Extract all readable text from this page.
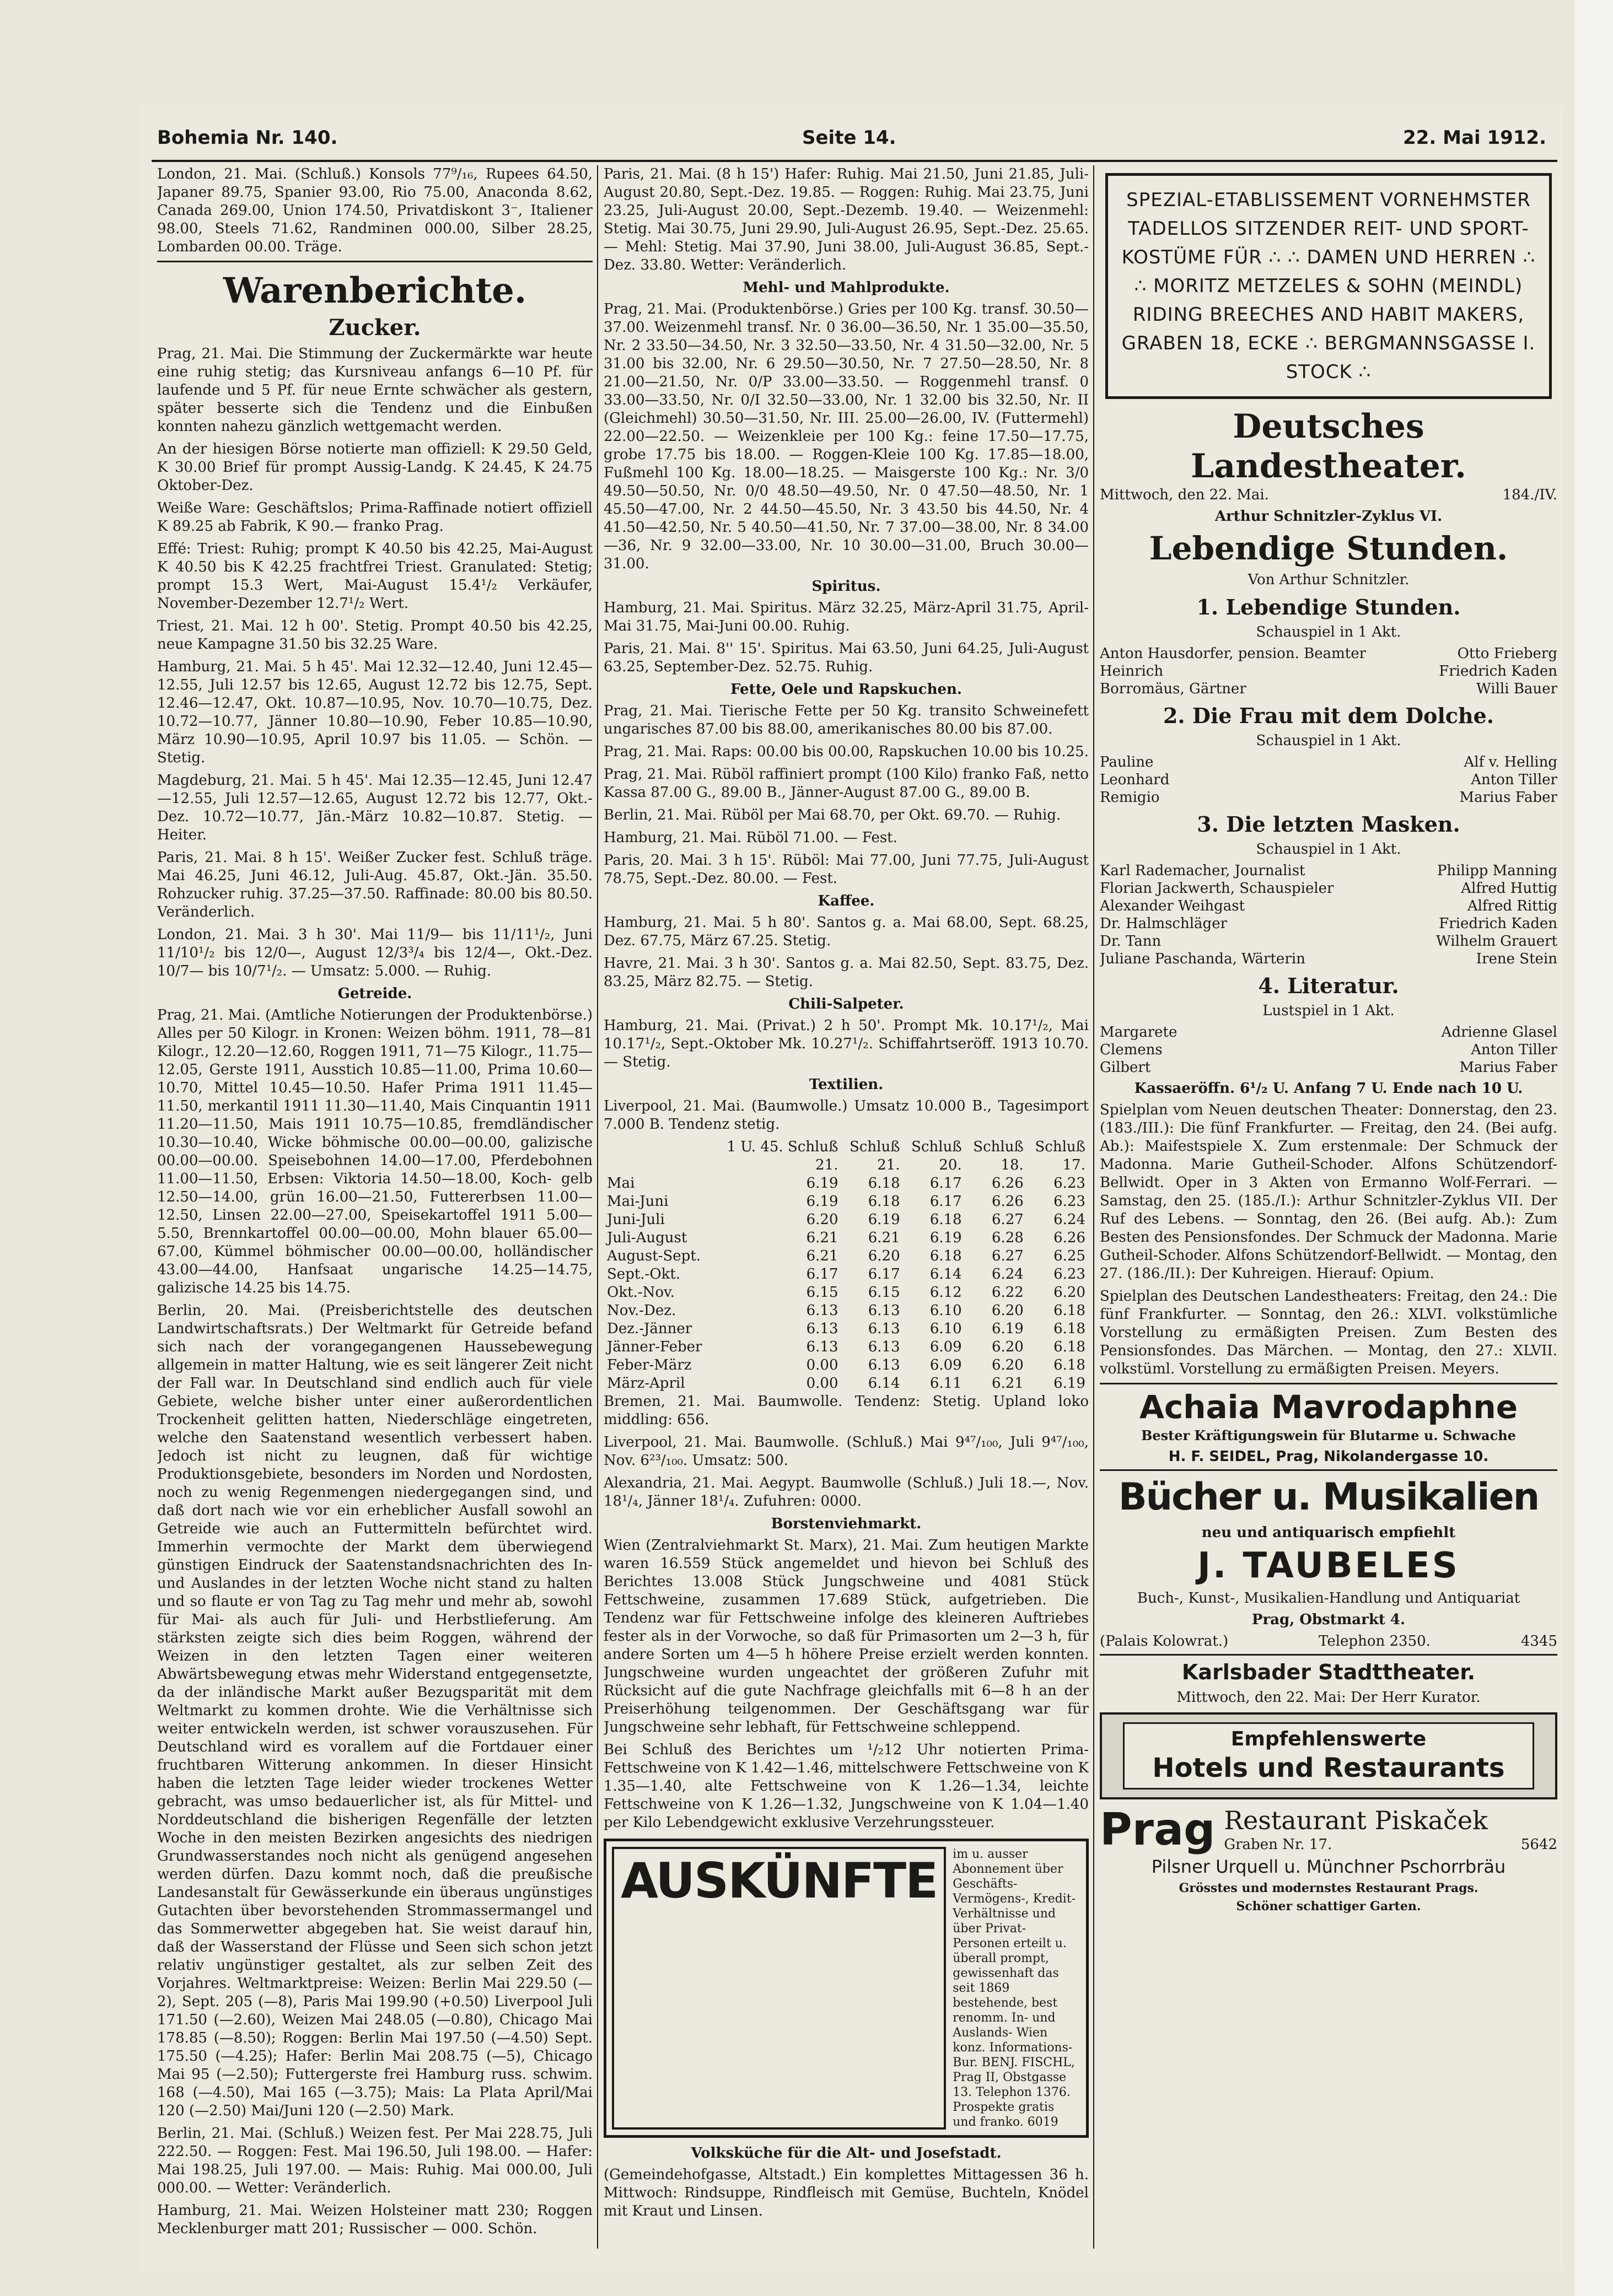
Bohemia Nr. 140.	Seite 14.	22. Mai 1912.

London, 21. Mai. (Schluß.) Konsols 77⁹/₁₆, Rupees 64.50, Japaner 89.75, Spanier 93.00, Rio 75.00, Anaconda 8.62, Canada 269.00, Union 174.50, Privatdiskont 3⁻, Italiener 98.00, Steels 71.62, Randminen 000.00, Silber 28.25, Lombarden 00.00. Träge.

Warenberichte.
Zucker.

Prag, 21. Mai. Die Stimmung der Zuckermärkte war heute eine ruhig stetig; das Kursniveau anfangs 6—10 Pf. für laufende und 5 Pf. für neue Ernte schwächer als gestern, später besserte sich die Tendenz und die Einbußen konnten nahezu gänzlich wettgemacht werden.

An der hiesigen Börse notierte man offiziell: K 29.50 Geld, K 30.00 Brief für prompt Aussig-Landg. K 24.45, K 24.75 Oktober-Dez.

Weiße Ware: Geschäftslos; Prima-Raffinade notiert offiziell K 89.25 ab Fabrik, K 90.— franko Prag.

Effé: Triest: Ruhig; prompt K 40.50 bis 42.25, Mai-August K 40.50 bis K 42.25 frachtfrei Triest. Granulated: Stetig; prompt 15.3 Wert, Mai-August 15.4¹/₂ Verkäufer, November-Dezember 12.7¹/₂ Wert.

Triest, 21. Mai. 12 h 00'. Stetig. Prompt 40.50 bis 42.25, neue Kampagne 31.50 bis 32.25 Ware.

Hamburg, 21. Mai. 5 h 45'. Mai 12.32—12.40, Juni 12.45—12.55, Juli 12.57 bis 12.65, August 12.72 bis 12.75, Sept. 12.46—12.47, Okt. 10.87—10.95, Nov. 10.70—10.75, Dez. 10.72—10.77, Jänner 10.80—10.90, Feber 10.85—10.90, März 10.90—10.95, April 10.97 bis 11.05. — Schön. — Stetig.

Magdeburg, 21. Mai. 5 h 45'. Mai 12.35—12.45, Juni 12.47—12.55, Juli 12.57—12.65, August 12.72 bis 12.77, Okt.-Dez. 10.72—10.77, Jän.-März 10.82—10.87. Stetig. — Heiter.

Paris, 21. Mai. 8 h 15'. Weißer Zucker fest. Schluß träge. Mai 46.25, Juni 46.12, Juli-Aug. 45.87, Okt.-Jän. 35.50. Rohzucker ruhig. 37.25—37.50. Raffinade: 80.00 bis 80.50. Veränderlich.

London, 21. Mai. 3 h 30'. Mai 11/9— bis 11/11¹/₂, Juni 11/10¹/₂ bis 12/0—, August 12/3³/₄ bis 12/4—, Okt.-Dez. 10/7— bis 10/7¹/₂. — Umsatz: 5.000. — Ruhig.

Getreide.

Prag, 21. Mai. (Amtliche Notierungen der Produktenbörse.) Alles per 50 Kilogr. in Kronen: Weizen böhm. 1911, 78—81 Kilogr., 12.20—12.60, Roggen 1911, 71—75 Kilogr., 11.75—12.05, Gerste 1911, Ausstich 10.85—11.00, Prima 10.60—10.70, Mittel 10.45—10.50. Hafer Prima 1911 11.45—11.50, merkantil 1911 11.30—11.40, Mais Cinquantin 1911 11.20—11.50, Mais 1911 10.75—10.85, fremdländischer 10.30—10.40, Wicke böhmische 00.00—00.00, galizische 00.00—00.00. Speisebohnen 14.00—17.00, Pferdebohnen 11.00—11.50, Erbsen: Viktoria 14.50—18.00, Koch- gelb 12.50—14.00, grün 16.00—21.50, Futtererbsen 11.00—12.50, Linsen 22.00—27.00, Speisekartoffel 1911 5.00—5.50, Brennkartoffel 00.00—00.00, Mohn blauer 65.00—67.00, Kümmel böhmischer 00.00—00.00, holländischer 43.00—44.00, Hanfsaat ungarische 14.25—14.75, galizische 14.25 bis 14.75.

Berlin, 20. Mai. (Preisberichtstelle des deutschen Landwirtschaftsrats.) Der Weltmarkt für Getreide befand sich nach der vorangegangenen Haussebewegung allgemein in matter Haltung, wie es seit längerer Zeit nicht der Fall war. In Deutschland sind endlich auch für viele Gebiete, welche bisher unter einer außerordentlichen Trockenheit gelitten hatten, Niederschläge eingetreten, welche den Saatenstand wesentlich verbessert haben. Jedoch ist nicht zu leugnen, daß für wichtige Produktionsgebiete, besonders im Norden und Nordosten, noch zu wenig Regenmengen niedergegangen sind, und daß dort nach wie vor ein erheblicher Ausfall sowohl an Getreide wie auch an Futtermitteln befürchtet wird. Immerhin vermochte der Markt dem überwiegend günstigen Eindruck der Saatenstandsnachrichten des In- und Auslandes in der letzten Woche nicht stand zu halten und so flaute er von Tag zu Tag mehr und mehr ab, sowohl für Mai- als auch für Juli- und Herbstlieferung. Am stärksten zeigte sich dies beim Roggen, während der Weizen in den letzten Tagen einer weiteren Abwärtsbewegung etwas mehr Widerstand entgegensetzte, da der inländische Markt außer Bezugsparität mit dem Weltmarkt zu kommen drohte. Wie die Verhältnisse sich weiter entwickeln werden, ist schwer vorauszusehen. Für Deutschland wird es vorallem auf die Fortdauer einer fruchtbaren Witterung ankommen. In dieser Hinsicht haben die letzten Tage leider wieder trockenes Wetter gebracht, was umso bedauerlicher ist, als für Mittel- und Norddeutschland die bisherigen Regenfälle der letzten Woche in den meisten Bezirken angesichts des niedrigen Grundwasserstandes noch nicht als genügend angesehen werden dürfen. Dazu kommt noch, daß die preußische Landesanstalt für Gewässerkunde ein überaus ungünstiges Gutachten über bevorstehenden Strommassermangel und das Sommerwetter abgegeben hat. Sie weist darauf hin, daß der Wasserstand der Flüsse und Seen sich schon jetzt relativ ungünstiger gestaltet, als zur selben Zeit des Vorjahres. Weltmarktpreise: Weizen: Berlin Mai 229.50 (—2), Sept. 205 (—8), Paris Mai 199.90 (+0.50) Liverpool Juli 171.50 (—2.60), Weizen Mai 248.05 (—0.80), Chicago Mai 178.85 (—8.50); Roggen: Berlin Mai 197.50 (—4.50) Sept. 175.50 (—4.25); Hafer: Berlin Mai 208.75 (—5), Chicago Mai 95 (—2.50); Futtergerste frei Hamburg russ. schwim. 168 (—4.50), Mai 165 (—3.75); Mais: La Plata April/Mai 120 (—2.50) Mai/Juni 120 (—2.50) Mark.

Berlin, 21. Mai. (Schluß.) Weizen fest. Per Mai 228.75, Juli 222.50. — Roggen: Fest. Mai 196.50, Juli 198.00. — Hafer: Mai 198.25, Juli 197.00. — Mais: Ruhig. Mai 000.00, Juli 000.00. — Wetter: Veränderlich.

Hamburg, 21. Mai. Weizen Holsteiner matt 230; Roggen Mecklenburger matt 201; Russischer — 000. Schön.

Paris, 21. Mai. (8 h 15') Hafer: Ruhig. Mai 21.50, Juni 21.85, Juli-August 20.80, Sept.-Dez. 19.85. — Roggen: Ruhig. Mai 23.75, Juni 23.25, Juli-August 20.00, Sept.-Dezemb. 19.40. — Weizenmehl: Stetig. Mai 30.75, Juni 29.90, Juli-August 26.95, Sept.-Dez. 25.65. — Mehl: Stetig. Mai 37.90, Juni 38.00, Juli-August 36.85, Sept.-Dez. 33.80. Wetter: Veränderlich.

Mehl- und Mahlprodukte.

Prag, 21. Mai. (Produktenbörse.) Gries per 100 Kg. transf. 30.50—37.00. Weizenmehl transf. Nr. 0 36.00—36.50, Nr. 1 35.00—35.50, Nr. 2 33.50—34.50, Nr. 3 32.50—33.50, Nr. 4 31.50—32.00, Nr. 5 31.00 bis 32.00, Nr. 6 29.50—30.50, Nr. 7 27.50—28.50, Nr. 8 21.00—21.50, Nr. 0/P 33.00—33.50. — Roggenmehl transf. 0 33.00—33.50, Nr. 0/I 32.50—33.00, Nr. 1 32.00 bis 32.50, Nr. II (Gleichmehl) 30.50—31.50, Nr. III. 25.00—26.00, IV. (Futtermehl) 22.00—22.50. — Weizenkleie per 100 Kg.: feine 17.50—17.75, grobe 17.75 bis 18.00. — Roggen-Kleie 100 Kg. 17.85—18.00, Fußmehl 100 Kg. 18.00—18.25. — Maisgerste 100 Kg.: Nr. 3/0 49.50—50.50, Nr. 0/0 48.50—49.50, Nr. 0 47.50—48.50, Nr. 1 45.50—47.00, Nr. 2 44.50—45.50, Nr. 3 43.50 bis 44.50, Nr. 4 41.50—42.50, Nr. 5 40.50—41.50, Nr. 7 37.00—38.00, Nr. 8 34.00—36, Nr. 9 32.00—33.00, Nr. 10 30.00—31.00, Bruch 30.00—31.00.

Spiritus.

Hamburg, 21. Mai. Spiritus. März 32.25, März-April 31.75, April-Mai 31.75, Mai-Juni 00.00. Ruhig.

Paris, 21. Mai. 8'' 15'. Spiritus. Mai 63.50, Juni 64.25, Juli-August 63.25, September-Dez. 52.75. Ruhig.

Fette, Oele und Rapskuchen.

Prag, 21. Mai. Tierische Fette per 50 Kg. transito Schweinefett ungarisches 87.00 bis 88.00, amerikanisches 80.00 bis 87.00.

Prag, 21. Mai. Raps: 00.00 bis 00.00, Rapskuchen 10.00 bis 10.25.

Prag, 21. Mai. Rüböl raffiniert prompt (100 Kilo) franko Faß, netto Kassa 87.00 G., 89.00 B., Jänner-August 87.00 G., 89.00 B.

Berlin, 21. Mai. Rüböl per Mai 68.70, per Okt. 69.70. — Ruhig.

Hamburg, 21. Mai. Rüböl 71.00. — Fest.

Paris, 20. Mai. 3 h 15'. Rüböl: Mai 77.00, Juni 77.75, Juli-August 78.75, Sept.-Dez. 80.00. — Fest.

Kaffee.

Hamburg, 21. Mai. 5 h 80'. Santos g. a. Mai 68.00, Sept. 68.25, Dez. 67.75, März 67.25. Stetig.

Havre, 21. Mai. 3 h 30'. Santos g. a. Mai 82.50, Sept. 83.75, Dez. 83.25, März 82.75. — Stetig.

Chili-Salpeter.

Hamburg, 21. Mai. (Privat.) 2 h 50'. Prompt Mk. 10.17¹/₂, Mai 10.17¹/₂, Sept.-Oktober Mk. 10.27¹/₂. Schiffahrtseröff. 1913 10.70. — Stetig.

Textilien.

Liverpool, 21. Mai. (Baumwolle.) Umsatz 10.000 B., Tagesimport 7.000 B. Tendenz stetig.

	1 U. 45. Schluß	Schluß	Schluß	Schluß	Schluß
	21.	21.	20.	18.	17.
Mai	6.19	6.18	6.17	6.26	6.23
Mai-Juni	6.19	6.18	6.17	6.26	6.23
Juni-Juli	6.20	6.19	6.18	6.27	6.24
Juli-August	6.21	6.21	6.19	6.28	6.26
August-Sept.	6.21	6.20	6.18	6.27	6.25
Sept.-Okt.	6.17	6.17	6.14	6.24	6.23
Okt.-Nov.	6.15	6.15	6.12	6.22	6.20
Nov.-Dez.	6.13	6.13	6.10	6.20	6.18
Dez.-Jänner	6.13	6.13	6.10	6.19	6.18
Jänner-Feber	6.13	6.13	6.09	6.20	6.18
Feber-März	0.00	6.13	6.09	6.20	6.18
März-April	0.00	6.14	6.11	6.21	6.19

Bremen, 21. Mai. Baumwolle. Tendenz: Stetig. Upland loko middling: 656.

Liverpool, 21. Mai. Baumwolle. (Schluß.) Mai 9⁴⁷/₁₀₀, Juli 9⁴⁷/₁₀₀, Nov. 6²³/₁₀₀. Umsatz: 500.

Alexandria, 21. Mai. Aegypt. Baumwolle (Schluß.) Juli 18.—, Nov. 18¹/₄, Jänner 18¹/₄. Zufuhren: 0000.

Borstenviehmarkt.

Wien (Zentralviehmarkt St. Marx), 21. Mai. Zum heutigen Markte waren 16.559 Stück angemeldet und hievon bei Schluß des Berichtes 13.008 Stück Jungschweine und 4081 Stück Fettschweine, zusammen 17.689 Stück, aufgetrieben. Die Tendenz war für Fettschweine infolge des kleineren Auftriebes fester als in der Vorwoche, so daß für Primasorten um 2—3 h, für andere Sorten um 4—5 h höhere Preise erzielt werden konnten. Jungschweine wurden ungeachtet der größeren Zufuhr mit Rücksicht auf die gute Nachfrage gleichfalls mit 6—8 h an der Preiserhöhung teilgenommen. Der Geschäftsgang war für Jungschweine sehr lebhaft, für Fettschweine schleppend.

Bei Schluß des Berichtes um ¹/₂12 Uhr notierten Prima-Fettschweine von K 1.42—1.46, mittelschwere Fettschweine von K 1.35—1.40, alte Fettschweine von K 1.26—1.34, leichte Fettschweine von K 1.26—1.32, Jungschweine von K 1.04—1.40 per Kilo Lebendgewicht exklusive Verzehrungssteuer.

AUSKÜNFTE	im u. ausser Abonnement über Geschäfts-Vermögens-, Kredit-Verhältnisse und über Privat-Personen erteilt u. überall prompt, gewissenhaft das seit 1869 bestehende, best renomm. In- und Auslands- Wien konz. Informations-Bur. BENJ. FISCHL, Prag II, Obstgasse 13. Telephon 1376. Prospekte gratis und franko. 6019
Volksküche für die Alt- und Josefstadt.

(Gemeindehofgasse, Altstadt.) Ein komplettes Mittagessen 36 h. Mittwoch: Rindsuppe, Rindfleisch mit Gemüse, Buchteln, Knödel mit Kraut und Linsen.

SPEZIAL-ETABLISSEMENT VORNEHMSTER TADELLOS SITZENDER REIT- UND SPORT-KOSTÜME FÜR ∴ ∴ DAMEN UND HERREN ∴ ∴ MORITZ METZELES & SOHN (MEINDL) RIDING BREECHES AND HABIT MAKERS, GRABEN 18, ECKE ∴ BERGMANNSGASSE I. STOCK ∴
Deutsches Landestheater.
Mittwoch, den 22. Mai.	184./IV.
Arthur Schnitzler-Zyklus VI.
Lebendige Stunden.
Von Arthur Schnitzler.
1. Lebendige Stunden.
Schauspiel in 1 Akt.
Anton Hausdorfer, pension. Beamter	Otto Frieberg
Heinrich	Friedrich Kaden
Borromäus, Gärtner	Willi Bauer
2. Die Frau mit dem Dolche.
Schauspiel in 1 Akt.
Pauline	Alf v. Helling
Leonhard	Anton Tiller
Remigio	Marius Faber
3. Die letzten Masken.
Schauspiel in 1 Akt.
Karl Rademacher, Journalist	Philipp Manning
Florian Jackwerth, Schauspieler	Alfred Huttig
Alexander Weihgast	Alfred Rittig
Dr. Halmschläger	Friedrich Kaden
Dr. Tann	Wilhelm Grauert
Juliane Paschanda, Wärterin	Irene Stein
4. Literatur.
Lustspiel in 1 Akt.
Margarete	Adrienne Glasel
Clemens	Anton Tiller
Gilbert	Marius Faber
Kassaeröffn. 6¹/₂ U. Anfang 7 U. Ende nach 10 U.

Spielplan vom Neuen deutschen Theater: Donnerstag, den 23. (183./III.): Die fünf Frankfurter. — Freitag, den 24. (Bei aufg. Ab.): Maifestspiele X. Zum erstenmale: Der Schmuck der Madonna. Marie Gutheil-Schoder. Alfons Schützendorf-Bellwidt. Oper in 3 Akten von Ermanno Wolf-Ferrari. — Samstag, den 25. (185./I.): Arthur Schnitzler-Zyklus VII. Der Ruf des Lebens. — Sonntag, den 26. (Bei aufg. Ab.): Zum Besten des Pensionsfondes. Der Schmuck der Madonna. Marie Gutheil-Schoder. Alfons Schützendorf-Bellwidt. — Montag, den 27. (186./II.): Der Kuhreigen. Hierauf: Opium.

Spielplan des Deutschen Landestheaters: Freitag, den 24.: Die fünf Frankfurter. — Sonntag, den 26.: XLVI. volkstümliche Vorstellung zu ermäßigten Preisen. Zum Besten des Pensionsfondes. Das Märchen. — Montag, den 27.: XLVII. volkstüml. Vorstellung zu ermäßigten Preisen. Meyers.

Achaia Mavrodaphne
Bester Kräftigungswein für Blutarme u. Schwache
H. F. SEIDEL, Prag, Nikolandergasse 10.
Bücher u. Musikalien
neu und antiquarisch empfiehlt
J. TAUBELES
Buch-, Kunst-, Musikalien-Handlung und Antiquariat
Prag, Obstmarkt 4.
(Palais Kolowrat.)	Telephon 2350.	4345
Karlsbader Stadttheater.
Mittwoch, den 22. Mai: Der Herr Kurator.
Empfehlenswerte
Hotels und Restaurants
Prag Restaurant Piskaček
Graben Nr. 17.	5642
Pilsner Urquell u. Münchner Pschorrbräu
Grösstes und modernstes Restaurant Prags.
Schöner schattiger Garten.
